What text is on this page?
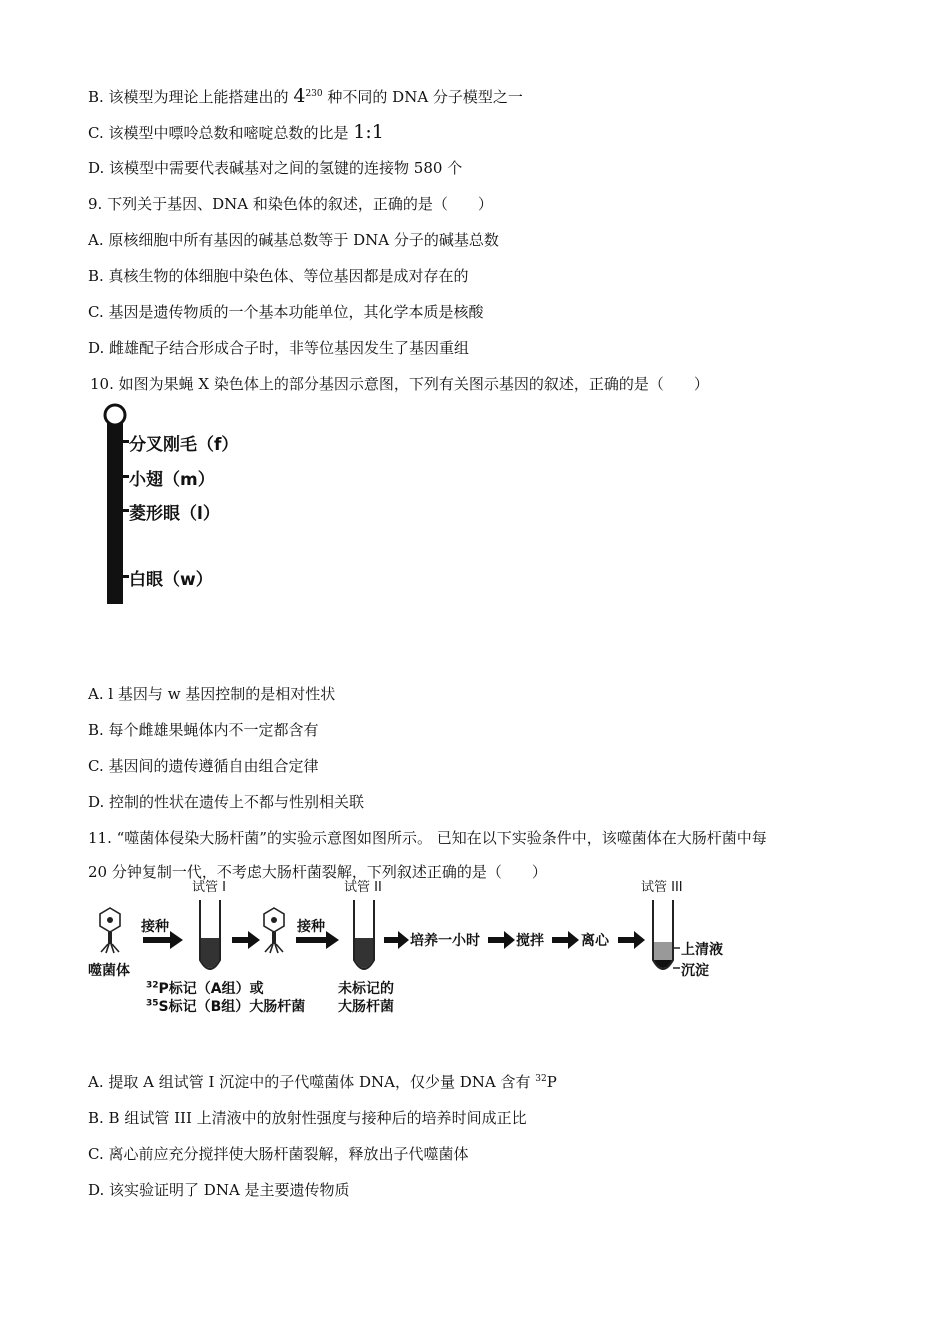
B. 该模型为理论上能搭建出的 $4^{230}$ 种不同的 DNA 分子模型之一
C. 该模型中嘌呤总数和嘧啶总数的比是 1:1
D. 该模型中需要代表碱基对之间的氢键的连接物 580 个
9. 下列关于基因、DNA 和染色体的叙述，正确的是（　　）
A. 原核细胞中所有基因的碱基总数等于 DNA 分子的碱基总数
B. 真核生物的体细胞中染色体、等位基因都是成对存在的
C. 基因是遗传物质的一个基本功能单位，其化学本质是核酸
D. 雌雄配子结合形成合子时，非等位基因发生了基因重组
10. 如图为果蝇 X 染色体上的部分基因示意图，下列有关图示基因的叙述，正确的是（　　）
分叉刚毛（f）
小翅（m）
菱形眼（l）
白眼（w）
A. l 基因与 w 基因控制的是相对性状
B. 每个雌雄果蝇体内不一定都含有
C. 基因间的遗传遵循自由组合定律
D. 控制的性状在遗传上不都与性别相关联
11. “噬菌体侵染大肠杆菌”的实验示意图如图所示。 已知在以下实验条件中，该噬菌体在大肠杆菌中每
20 分钟复制一代，不考虑大肠杆菌裂解，下列叙述正确的是（　　）
试管 I	试管 II	试管 III
接种	接种
噬菌体
培养一小时	搅拌	离心
上清液
沉淀
$^{32}$P标记（A组）或
$^{35}$S标记（B组）大肠杆菌
未标记的
大肠杆菌
A. 提取 A 组试管 I 沉淀中的子代噬菌体 DNA，仅少量 DNA 含有 $^{32}$P
B. B 组试管 III 上清液中的放射性强度与接种后的培养时间成正比
C. 离心前应充分搅拌使大肠杆菌裂解，释放出子代噬菌体
D. 该实验证明了 DNA 是主要遗传物质
